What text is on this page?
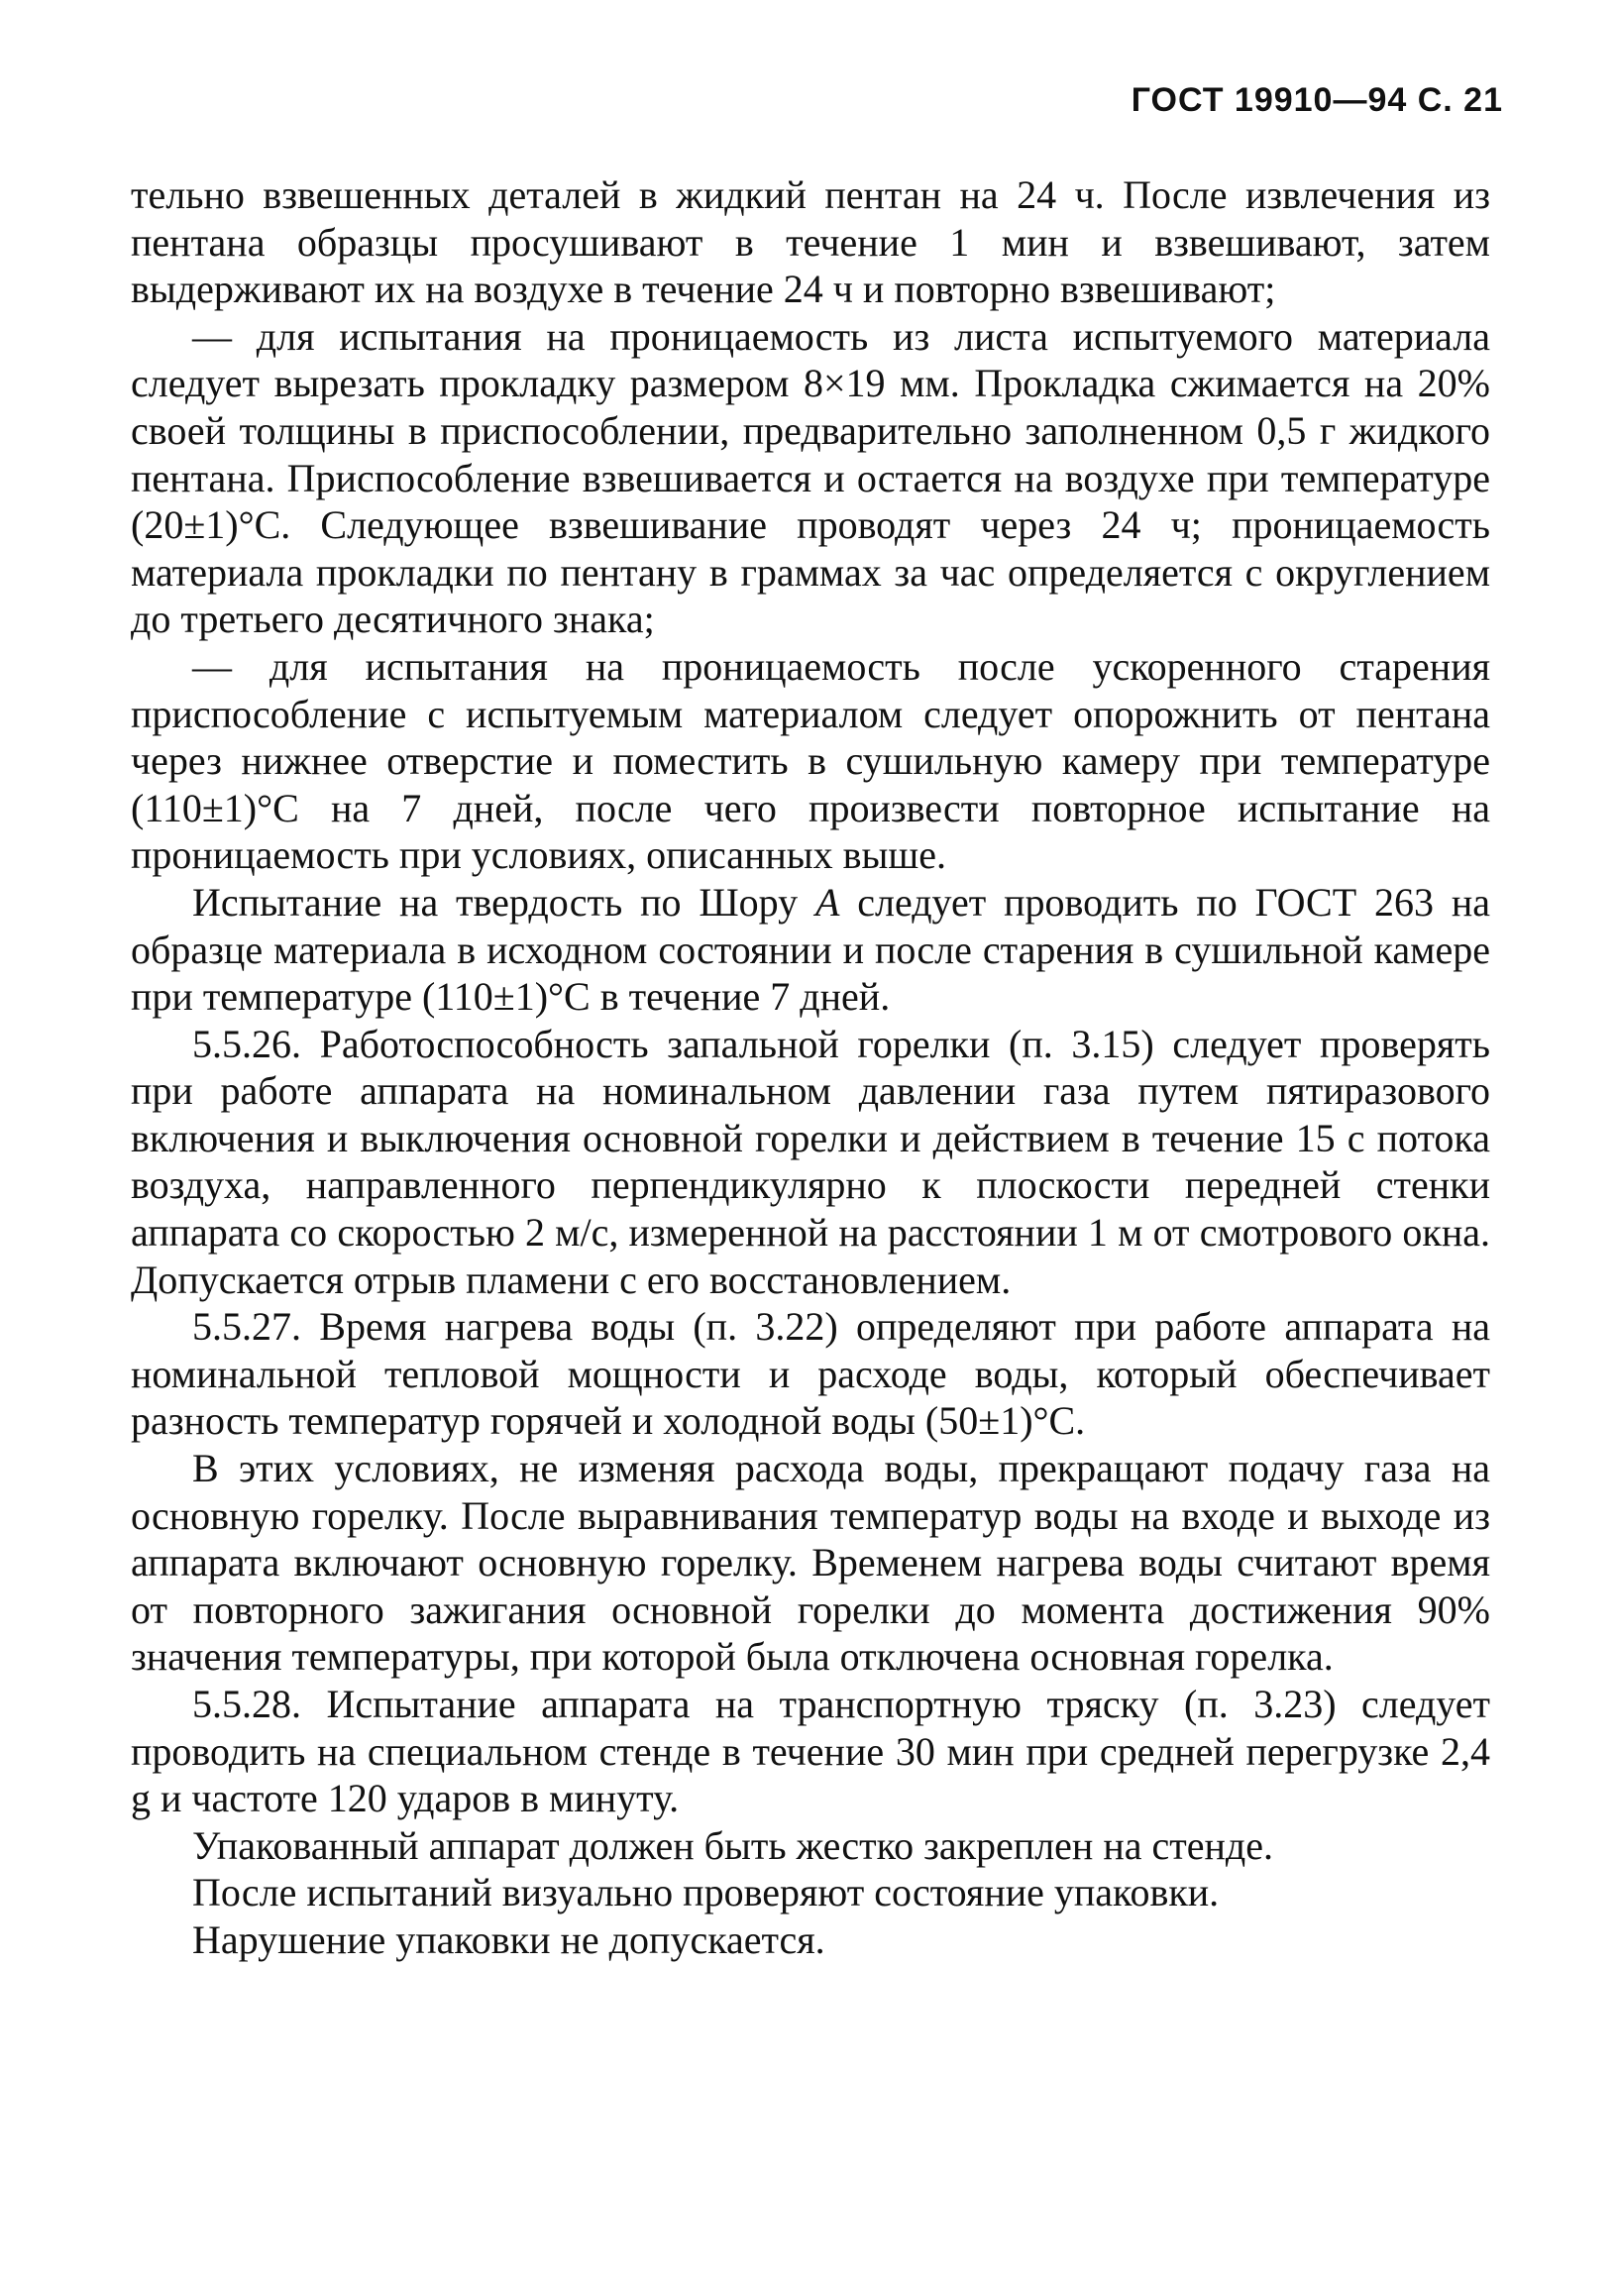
ГОСТ 19910—94 С. 21

тельно взвешенных деталей в жидкий пентан на 24 ч. После извлечения из пентана образцы просушивают в течение 1 мин и взвешивают, затем выдерживают их на воздухе в течение 24 ч и повторно взвешивают;

— для испытания на проницаемость из листа испытуемого материала следует вырезать прокладку размером 8×19 мм. Прокладка сжимается на 20% своей толщины в приспособлении, предварительно заполненном 0,5 г жидкого пентана. Приспособление взвешивается и остается на воздухе при температуре (20±1)°С. Следующее взвешивание проводят через 24 ч; проницаемость материала прокладки по пентану в граммах за час определяется с округлением до третьего десятичного знака;

— для испытания на проницаемость после ускоренного старения приспособление с испытуемым материалом следует опорожнить от пентана через нижнее отверстие и поместить в сушильную камеру при температуре (110±1)°С на 7 дней, после чего произвести повторное испытание на проницаемость при условиях, описанных выше.

Испытание на твердость по Шору А следует проводить по ГОСТ 263 на образце материала в исходном состоянии и после старения в сушильной камере при температуре (110±1)°С в течение 7 дней.

5.5.26. Работоспособность запальной горелки (п. 3.15) следует проверять при работе аппарата на номинальном давлении газа путем пятиразового включения и выключения основной горелки и действием в течение 15 с потока воздуха, направленного перпендикулярно к плоскости передней стенки аппарата со скоростью 2 м/с, измеренной на расстоянии 1 м от смотрового окна. Допускается отрыв пламени с его восстановлением.

5.5.27. Время нагрева воды (п. 3.22) определяют при работе аппарата на номинальной тепловой мощности и расходе воды, который обеспечивает разность температур горячей и холодной воды (50±1)°С.

В этих условиях, не изменяя расхода воды, прекращают подачу газа на основную горелку. После выравнивания температур воды на входе и выходе из аппарата включают основную горелку. Временем нагрева воды считают время от повторного зажигания основной горелки до момента достижения 90% значения температуры, при которой была отключена основная горелка.

5.5.28. Испытание аппарата на транспортную тряску (п. 3.23) следует проводить на специальном стенде в течение 30 мин при средней перегрузке 2,4 g и частоте 120 ударов в минуту.

Упакованный аппарат должен быть жестко закреплен на стенде.

После испытаний визуально проверяют состояние упаковки.

Нарушение упаковки не допускается.
